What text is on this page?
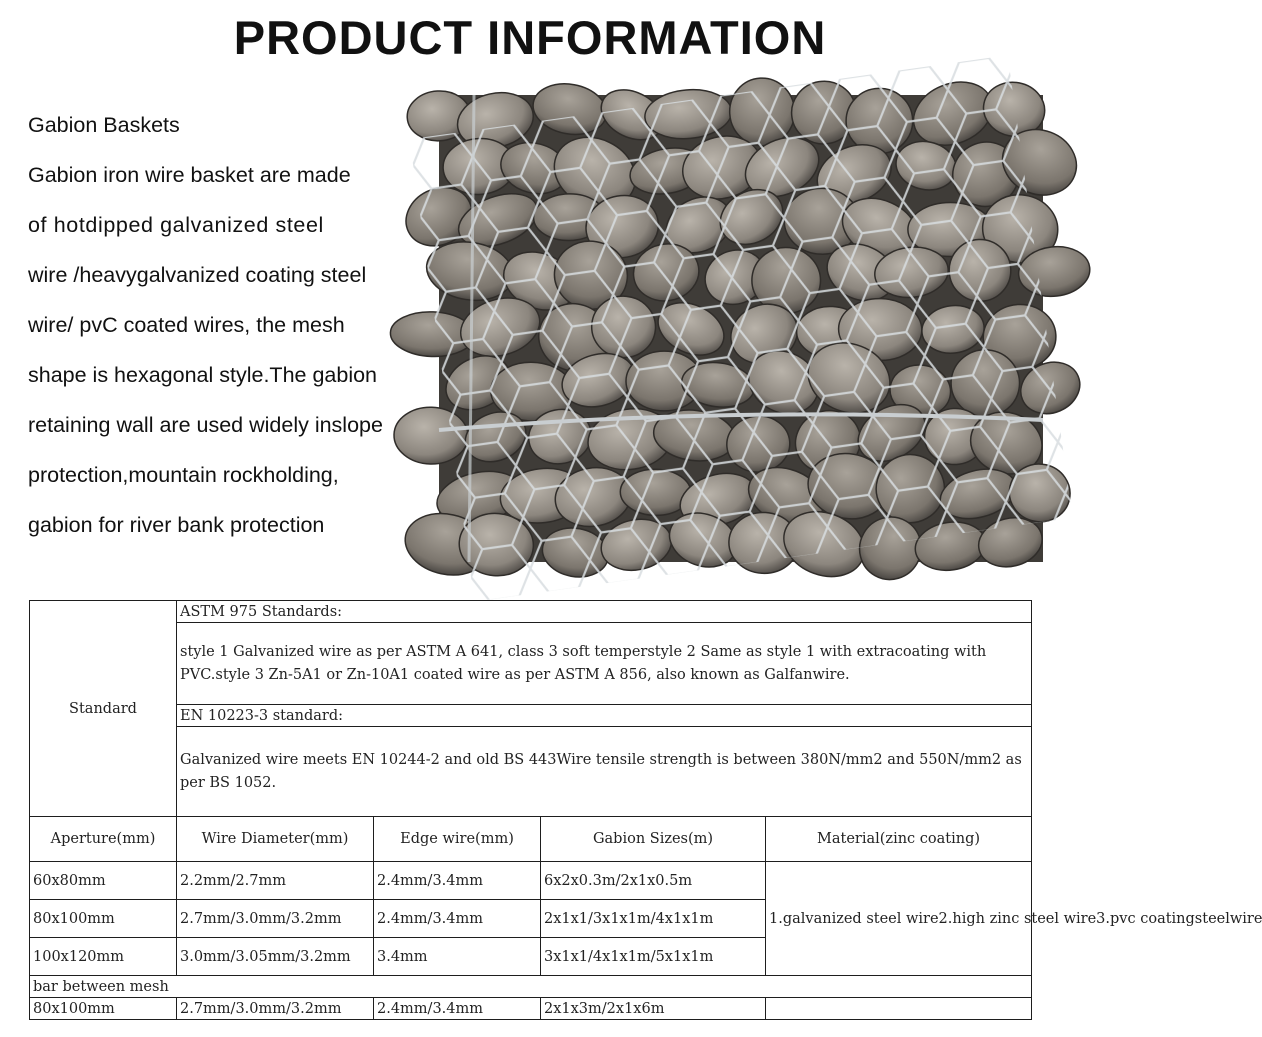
PRODUCT INFORMATION
Gabion Baskets
Gabion iron wire basket are made
of hotdipped galvanized steel
wire /heavygalvanized coating steel
wire/ pvC coated wires, the mesh
shape is hexagonal style.The gabion
retaining wall are used widely inslope
protection,mountain rockholding,
gabion for river bank protection
Standard	ASTM 975 Standards:			
	style 1 Galvanized wire as per ASTM A 641, class 3 soft temperstyle 2 Same as style 1 with extracoating with PVC.style 3 Zn-5A1 or Zn-10A1 coated wire as per ASTM A 856, also known as Galfanwire.			
	EN 10223-3 standard:			
	Galvanized wire meets EN 10244-2 and old BS 443Wire tensile strength is between 380N/mm2 and 550N/mm2 as per BS 1052.			
Aperture(mm)	Wire Diameter(mm)	Edge wire(mm)	Gabion Sizes(m)	Material(zinc coating)
60x80mm	2.2mm/2.7mm	2.4mm/3.4mm	6x2x0.3m/2x1x0.5m	1.galvanized steel wire2.high zinc steel wire3.pvc coatingsteelwire
80x100mm	2.7mm/3.0mm/3.2mm	2.4mm/3.4mm	2x1x1/3x1x1m/4x1x1m	
100x120mm	3.0mm/3.05mm/3.2mm	3.4mm	3x1x1/4x1x1m/5x1x1m	
bar between mesh				
80x100mm	2.7mm/3.0mm/3.2mm	2.4mm/3.4mm	2x1x3m/2x1x6m	
